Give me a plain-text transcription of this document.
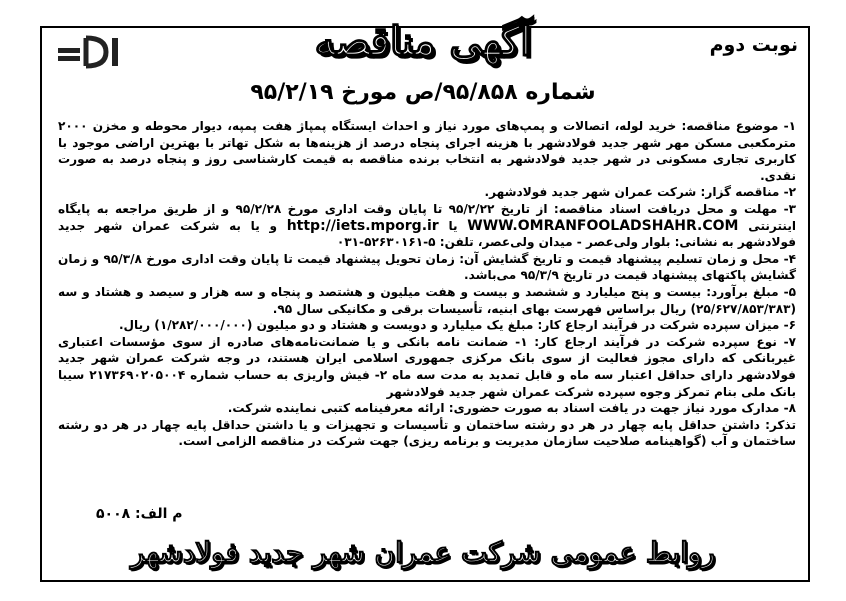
نوبت دوم
آگهی مناقصه
شماره ۹۵/۸۵۸/ص مورخ ۹۵/۲/۱۹

۱- موضوع مناقصه: خرید لوله، اتصالات و پمپ‌های مورد نیاز و احداث ایستگاه پمپاژ هفت پمپه، دیوار محوطه و مخزن ۲۰۰۰ مترمکعبی مسکن مهر شهر جدید فولادشهر با هزینه اجرای پنجاه درصد از هزینه‌ها به شکل تهاتر با بهترین اراضی موجود با کاربری تجاری مسکونی در شهر جدید فولادشهر به انتخاب برنده مناقصه به قیمت کارشناسی روز و پنجاه درصد به صورت نقدی.

۲- مناقصه گزار: شرکت عمران شهر جدید فولادشهر.

۳- مهلت و محل دریافت اسناد مناقصه: از تاریخ ۹۵/۲/۲۲ تا پایان وقت اداری مورخ ۹۵/۲/۲۸ و از طریق مراجعه به پایگاه اینترنتی WWW.OMRANFOOLADSHAHR.COM یا http://iets.mporg.ir و یا به شرکت عمران شهر جدید فولادشهر به نشانی: بلوار ولی‌عصر - میدان ولی‌عصر، تلفن: ۵-۵۲۶۳۰۱۶۱-۰۳۱

۴- محل و زمان تسلیم پیشنهاد قیمت و تاریخ گشایش آن: زمان تحویل پیشنهاد قیمت تا پایان وقت اداری مورخ ۹۵/۳/۸ و زمان گشایش پاکتهای پیشنهاد قیمت در تاریخ ۹۵/۳/۹ می‌باشد.

۵- مبلغ برآورد: بیست و پنج میلیارد و ششصد و بیست و هفت میلیون و هشتصد و پنجاه و سه هزار و سیصد و هشتاد و سه (۲۵/۶۲۷/۸۵۳/۳۸۳) ریال براساس فهرست بهای ابنیه، تأسیسات برقی و مکانیکی سال ۹۵.

۶- میزان سپرده شرکت در فرآیند ارجاع کار: مبلغ یک میلیارد و دویست و هشتاد و دو میلیون (۱/۲۸۲/۰۰۰/۰۰۰) ریال.

۷- نوع سپرده شرکت در فرآیند ارجاع کار: ۱- ضمانت نامه بانکی و یا ضمانت‌نامه‌های صادره از سوی مؤسسات اعتباری غیربانکی که دارای مجوز فعالیت از سوی بانک مرکزی جمهوری اسلامی ایران هستند، در وجه شرکت عمران شهر جدید فولادشهر دارای حداقل اعتبار سه ماه و قابل تمدید به مدت سه ماه ۲- فیش واریزی به حساب شماره ۲۱۷۳۶۹۰۲۰۵۰۰۴ سیبا بانک ملی بنام تمرکز وجوه سپرده شرکت عمران شهر جدید فولادشهر

۸- مدارک مورد نیاز جهت در یافت اسناد به صورت حضوری: ارائه معرفینامه کتبی نماینده شرکت.

تذکر: داشتن حداقل پایه چهار در هر دو رشته ساختمان و تأسیسات و تجهیزات و یا داشتن حداقل پایه چهار در هر دو رشته ساختمان و آب (گواهینامه صلاحیت سازمان مدیریت و برنامه ریزی) جهت شرکت در مناقصه الزامی است.

م الف: ۵۰۰۸
روابط عمومی شرکت عمران شهر جدید فولادشهر
